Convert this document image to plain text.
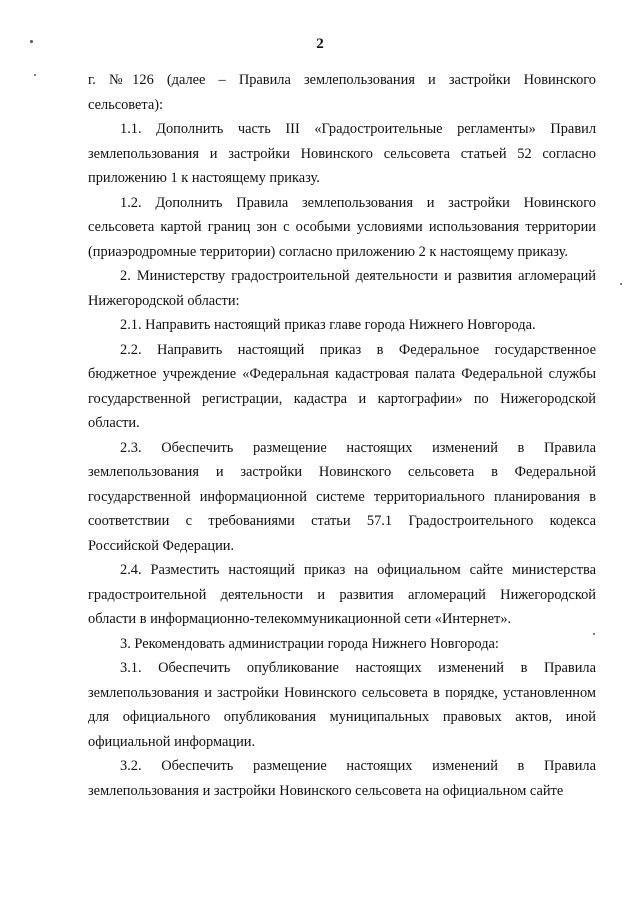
2
г. №126 (далее – Правила землепользования и застройки Новинского
сельсовета):
1.1. Дополнить часть III «Градостроительные регламенты» Правил
землепользования и застройки Новинского сельсовета статьей 52 согласно
приложению 1 к настоящему приказу.
1.2. Дополнить Правила землепользования и застройки Новинского
сельсовета картой границ зон с особыми условиями использования территории
(приаэродромные территории) согласно приложению 2 к настоящему приказу.
2. Министерству градостроительной деятельности и развития агломераций
Нижегородской области:
2.1. Направить настоящий приказ главе города Нижнего Новгорода.
2.2. Направить настоящий приказ в Федеральное государственное
бюджетное учреждение «Федеральная кадастровая палата Федеральной службы
государственной регистрации, кадастра и картографии» по Нижегородской
области.
2.3. Обеспечить размещение настоящих изменений в Правила
землепользования и застройки Новинского сельсовета в Федеральной
государственной информационной системе территориального планирования в
соответствии с требованиями статьи 57.1 Градостроительного кодекса
Российской Федерации.
2.4. Разместить настоящий приказ на официальном сайте министерства
градостроительной деятельности и развития агломераций Нижегородской
области в информационно-телекоммуникационной сети «Интернет».
3. Рекомендовать администрации города Нижнего Новгорода:
3.1. Обеспечить опубликование настоящих изменений в Правила
землепользования и застройки Новинского сельсовета в порядке, установленном
для официального опубликования муниципальных правовых актов, иной
официальной информации.
3.2. Обеспечить размещение настоящих изменений в Правила
землепользования и застройки Новинского сельсовета на официальном сайте
